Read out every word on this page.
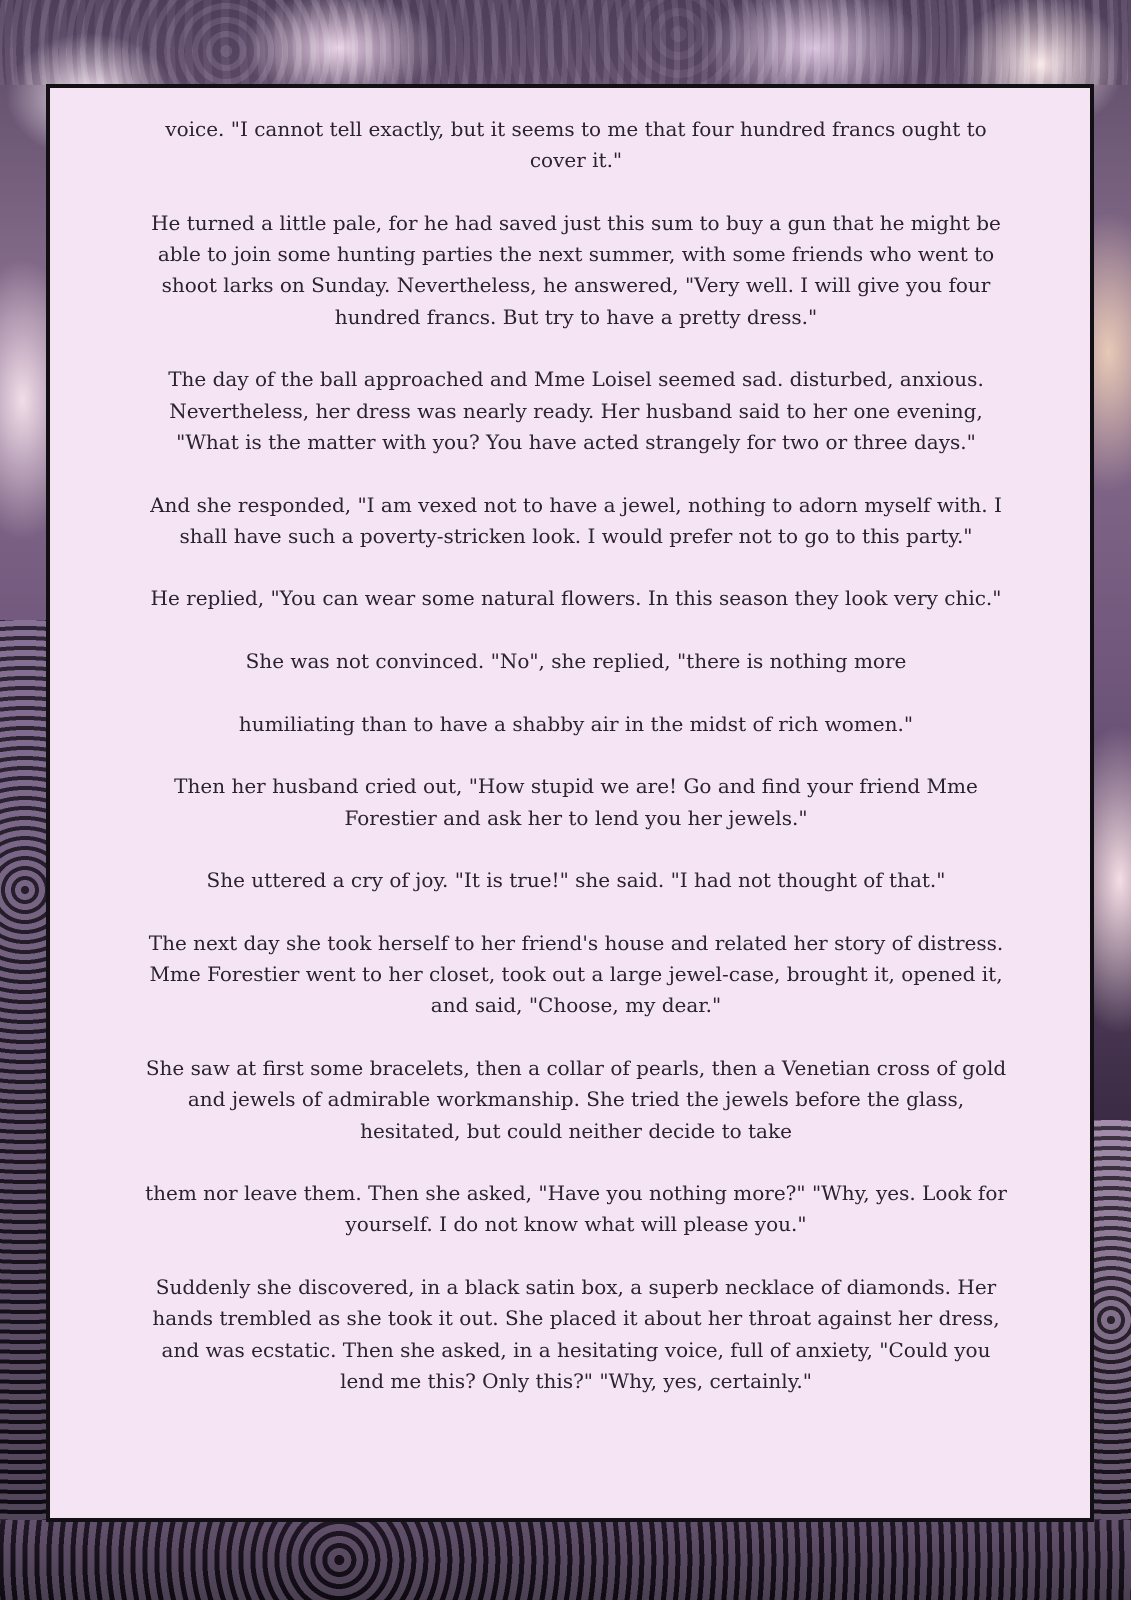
voice. "I cannot tell exactly, but it seems to me that four hundred francs ought to cover it."

He turned a little pale, for he had saved just this sum to buy a gun that he might be able to join some hunting parties the next summer, with some friends who went to shoot larks on Sunday. Nevertheless, he answered, "Very well. I will give you four hundred francs. But try to have a pretty dress."

The day of the ball approached and Mme Loisel seemed sad. disturbed, anxious. Nevertheless, her dress was nearly ready. Her husband said to her one evening, "What is the matter with you? You have acted strangely for two or three days."

And she responded, "I am vexed not to have a jewel, nothing to adorn myself with. I shall have such a poverty-stricken look. I would prefer not to go to this party."

He replied, "You can wear some natural flowers. In this season they look very chic."

She was not convinced. "No", she replied, "there is nothing more

humiliating than to have a shabby air in the midst of rich women."

Then her husband cried out, "How stupid we are! Go and find your friend Mme Forestier and ask her to lend you her jewels."

She uttered a cry of joy. "It is true!" she said. "I had not thought of that."

The next day she took herself to her friend's house and related her story of distress. Mme Forestier went to her closet, took out a large jewel-case, brought it, opened it, and said, "Choose, my dear."

She saw at first some bracelets, then a collar of pearls, then a Venetian cross of gold and jewels of admirable workmanship. She tried the jewels before the glass, hesitated, but could neither decide to take

them nor leave them. Then she asked, "Have you nothing more?" "Why, yes. Look for yourself. I do not know what will please you."

Suddenly she discovered, in a black satin box, a superb necklace of diamonds. Her hands trembled as she took it out. She placed it about her throat against her dress, and was ecstatic. Then she asked, in a hesitating voice, full of anxiety, "Could you lend me this? Only this?" "Why, yes, certainly."
